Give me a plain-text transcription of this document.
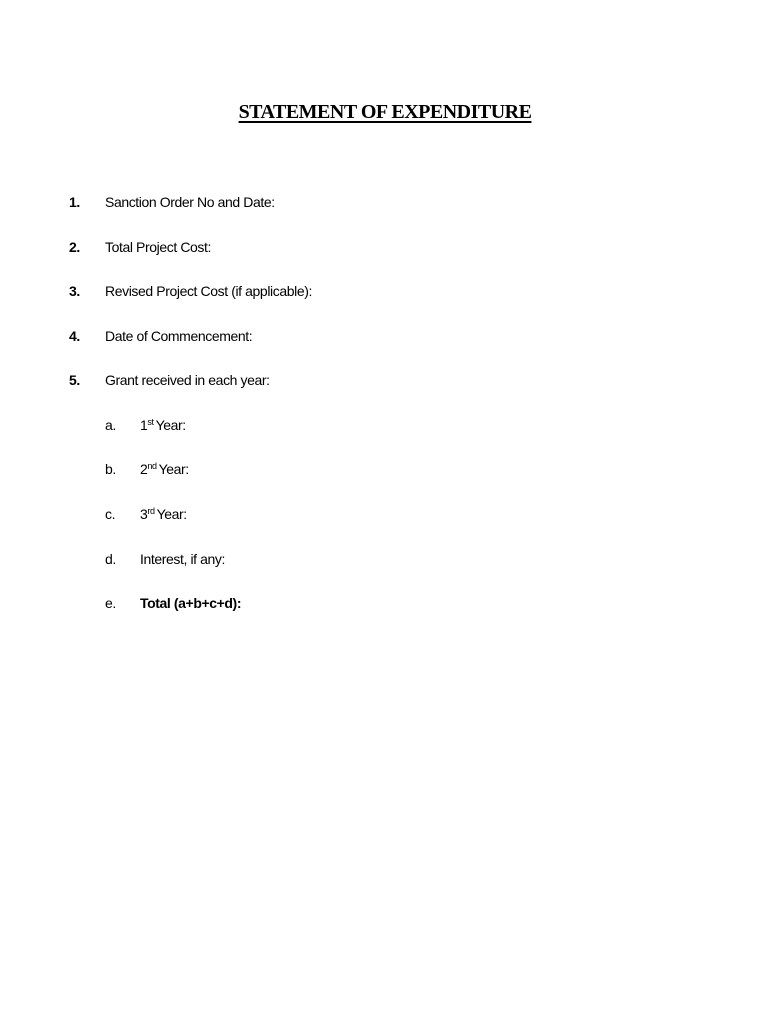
STATEMENT OF EXPENDITURE
1. Sanction Order No and Date:
2. Total Project Cost:
3. Revised Project Cost (if applicable):
4. Date of Commencement:
5. Grant received in each year:
a. 1st Year:
b. 2nd Year:
c. 3rd Year:
d. Interest, if any:
e. Total (a+b+c+d):
